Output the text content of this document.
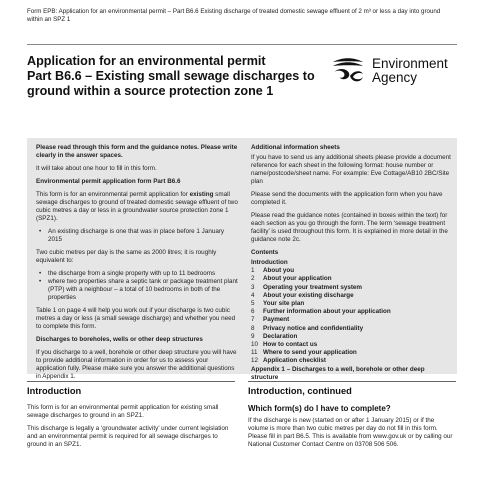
Form EPB: Application for an environmental permit – Part B6.6 Existing discharge of treated domestic sewage effluent of 2 m³ or less a day into ground within an SPZ 1
Application for an environmental permit
Part B6.6 – Existing small sewage discharges to
ground within a source protection zone 1
Environment
Agency

Please read through this form and the guidance notes. Please write clearly in the answer spaces.

It will take about one hour to fill in this form.

Environmental permit application form Part B6.6

This form is for an environmental permit application for existing small sewage discharges to ground of treated domestic sewage effluent of two cubic metres a day or less in a groundwater source protection zone 1 (SPZ1).

• An existing discharge is one that was in place before 1 January 2015

Two cubic metres per day is the same as 2000 litres; it is roughly equivalent to:

• the discharge from a single property with up to 11 bedrooms
• where two properties share a septic tank or package treatment plant (PTP) with a neighbour – a total of 10 bedrooms in both of the properties

Table 1 on page 4 will help you work out if your discharge is two cubic metres a day or less (a small sewage discharge) and whether you need to complete this form.

Discharges to boreholes, wells or other deep structures

If you discharge to a well, borehole or other deep structure you will have to provide additional information in order for us to assess your application fully. Please make sure you answer the additional questions in Appendix 1.

Additional information sheets

If you have to send us any additional sheets please provide a document reference for each sheet in the following format: house number or name/postcode/sheet name. For example: Eve Cottage/AB10 2BC/Site plan

Please send the documents with the application form when you have completed it.

Please read the guidance notes (contained in boxes within the text) for each section as you go through the form. The term ‘sewage treatment facility’ is used throughout this form. It is explained in more detail in the guidance note 2c.

Contents
Introduction
1	About you
2	About your application
3	Operating your treatment system
4	About your existing discharge
5	Your site plan
6	Further information about your application
7	Payment
8	Privacy notice and confidentiality
9	Declaration
10 How to contact us
11 Where to send your application
12 Application checklist
Appendix 1 – Discharges to a well, borehole or other deep structure
Introduction

This form is for an environmental permit application for existing small sewage discharges to ground in an SPZ1.

This discharge is legally a ‘groundwater activity’ under current legislation and an environmental permit is required for all sewage discharges to ground in an SPZ1.

Introduction, continued
Which form(s) do I have to complete?

If the discharge is new (started on or after 1 January 2015) or if the volume is more than two cubic metres per day do not fill in this form. Please fill in part B6.5. This is available from www.gov.uk or by calling our National Customer Contact Centre on 03708 506 506.
